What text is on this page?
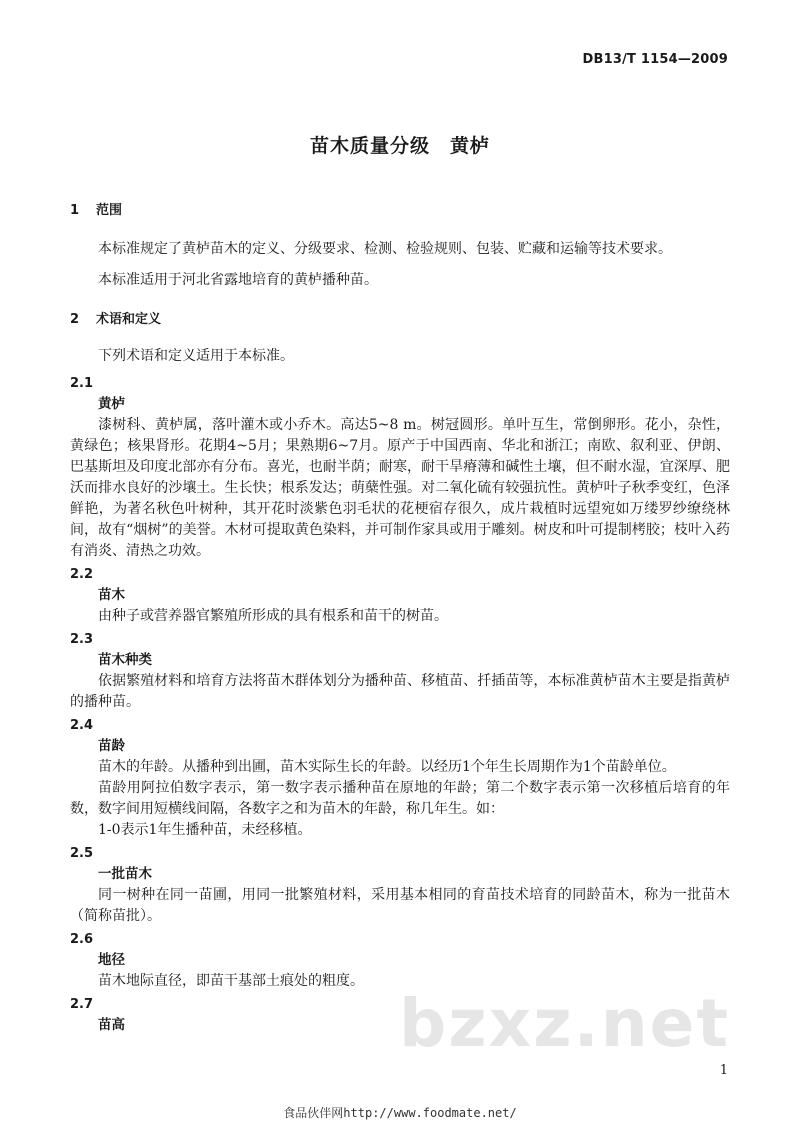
DB13/T 1154—2009
苗木质量分级　黄栌
bzxz.net
1	范围

本标准规定了黄栌苗木的定义、分级要求、检测、检验规则、包装、贮藏和运输等技术要求。

本标准适用于河北省露地培育的黄栌播种苗。

2	术语和定义

下列术语和定义适用于本标准。

2.1
黄栌

漆树科、黄栌属，落叶灌木或小乔木。高达5~8 m。树冠圆形。单叶互生，常倒卵形。花小，杂性，黄绿色；核果肾形。花期4~5月；果熟期6~7月。原产于中国西南、华北和浙江；南欧、叙利亚、伊朗、巴基斯坦及印度北部亦有分布。喜光，也耐半荫；耐寒，耐干旱瘠薄和碱性土壤，但不耐水湿，宜深厚、肥沃而排水良好的沙壤土。生长快；根系发达；萌蘖性强。对二氧化硫有较强抗性。黄栌叶子秋季变红，色泽鲜艳，为著名秋色叶树种，其开花时淡紫色羽毛状的花梗宿存很久，成片栽植时远望宛如万缕罗纱缭绕林间，故有“烟树”的美誉。木材可提取黄色染料，并可制作家具或用于雕刻。树皮和叶可提制栲胶；枝叶入药有消炎、清热之功效。

2.2
苗木

由种子或营养器官繁殖所形成的具有根系和苗干的树苗。

2.3
苗木种类

依据繁殖材料和培育方法将苗木群体划分为播种苗、移植苗、扦插苗等，本标准黄栌苗木主要是指黄栌的播种苗。

2.4
苗龄

苗木的年龄。从播种到出圃，苗木实际生长的年龄。以经历1个年生长周期作为1个苗龄单位。

苗龄用阿拉伯数字表示，第一数字表示播种苗在原地的年龄；第二个数字表示第一次移植后培育的年数，数字间用短横线间隔，各数字之和为苗木的年龄，称几年生。如：

1-0表示1年生播种苗，未经移植。

2.5
一批苗木

同一树种在同一苗圃，用同一批繁殖材料，采用基本相同的育苗技术培育的同龄苗木，称为一批苗木（简称苗批）。

2.6
地径

苗木地际直径，即苗干基部土痕处的粗度。

2.7
苗高
1
食品伙伴网http://www.foodmate.net/
